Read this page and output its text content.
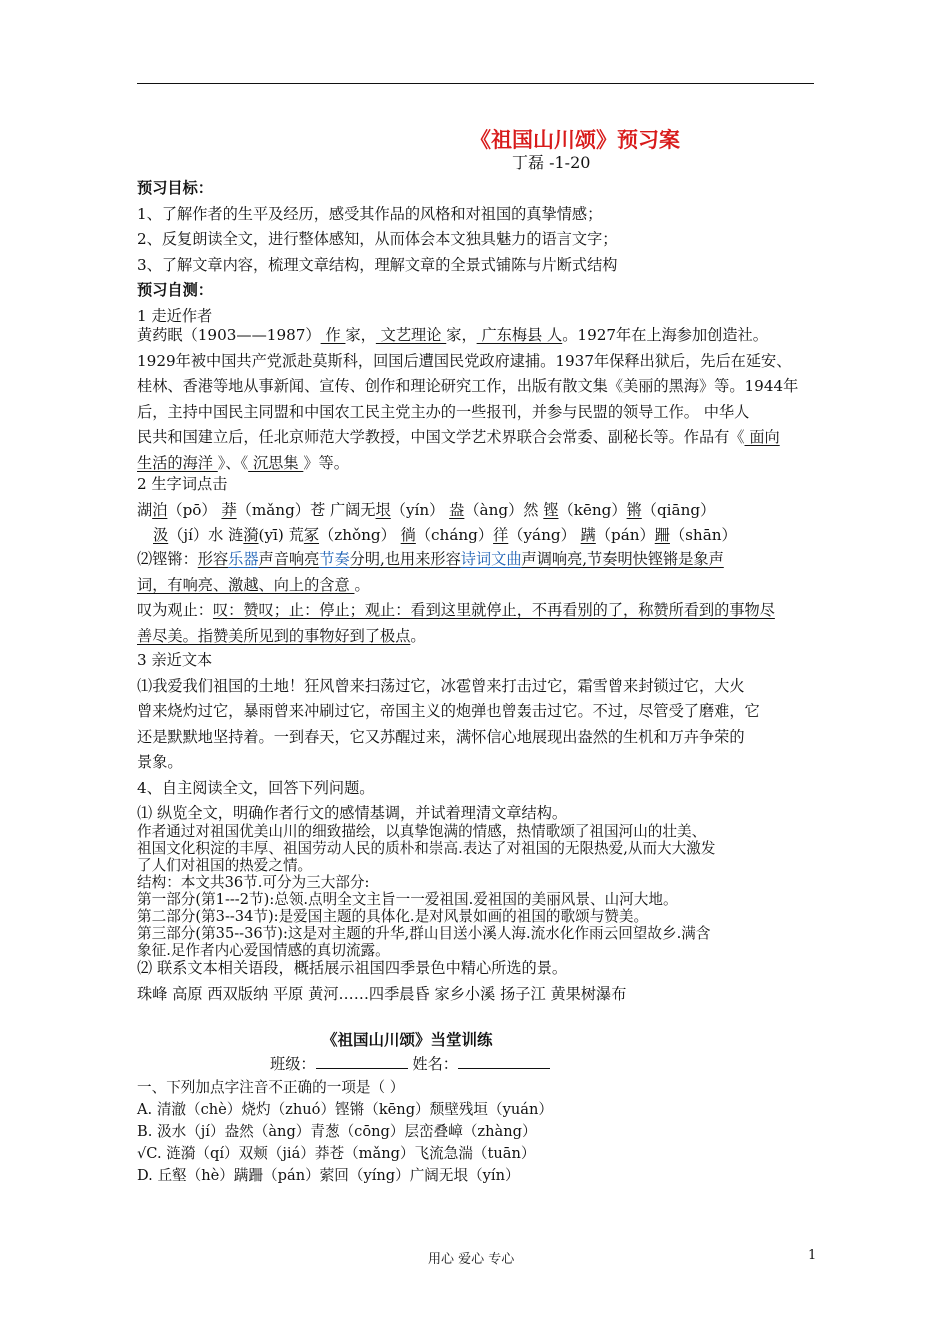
《祖国山川颂》预习案
丁磊 -1-20
预习目标：
1、了解作者的生平及经历，感受其作品的风格和对祖国的真挚情感；
2、反复朗读全文，进行整体感知，从而体会本文独具魅力的语言文字；
3、了解文章内容，梳理文章结构，理解文章的全景式铺陈与片断式结构
预习自测：
1 走近作者
黄药眠（1903——1987） 作 家， 文艺理论 家， 广东梅县 人。1927年在上海参加创造社。
1929年被中国共产党派赴莫斯科，回国后遭国民党政府逮捕。1937年保释出狱后，先后在延安、
桂林、香港等地从事新闻、宣传、创作和理论研究工作，出版有散文集《美丽的黑海》等。1944年
后，主持中国民主同盟和中国农工民主党主办的一些报刊，并参与民盟的领导工作。 中华人
民共和国建立后，任北京师范大学教授，中国文学艺术界联合会常委、副秘长等。作品有《 面向
生活的海洋 》、《 沉思集 》等。
2 生字词点击
湖泊（pō） 莽（mǎng）苍 广阔无垠（yín） 盎（àng）然 铿（kēng）锵（qiāng）
汲（jí）水 涟漪(yī) 荒冢（zhǒng） 徜（cháng）徉（yáng） 蹒（pán）跚（shān）
⑵铿锵：形容乐器声音响亮节奏分明,也用来形容诗词文曲声调响亮,节奏明快铿锵是象声
词，有响亮、激越、向上的含意 。
叹为观止：叹：赞叹；止：停止；观止：看到这里就停止，不再看别的了，称赞所看到的事物尽
善尽美。指赞美所见到的事物好到了极点。
3 亲近文本
⑴我爱我们祖国的土地！狂风曾来扫荡过它，冰雹曾来打击过它，霜雪曾来封锁过它，大火
曾来烧灼过它，暴雨曾来冲刷过它，帝国主义的炮弹也曾轰击过它。不过，尽管受了磨难，它
还是默默地坚持着。一到春天，它又苏醒过来，满怀信心地展现出盎然的生机和万卉争荣的
景象。
4、自主阅读全文，回答下列问题。
⑴ 纵览全文，明确作者行文的感情基调，并试着理清文章结构。
作者通过对祖国优美山川的细致描绘，以真挚饱满的情感，热情歌颂了祖国河山的壮美、
祖国文化积淀的丰厚、祖国劳动人民的质朴和崇高.表达了对祖国的无限热爱,从而大大激发
了人们对祖国的热爱之情。
结构：本文共36节.可分为三大部分:
第一部分(第1---2节):总领.点明全文主旨一一爱祖国.爱祖国的美丽风景、山河大地。
第二部分(第3--34节):是爱国主题的具体化.是对风景如画的祖国的歌颂与赞美。
第三部分(第35--36节):这是对主题的升华,群山目送小溪人海.流水化作雨云回望故乡.满含
象征.足作者内心爱国情感的真切流露。
⑵ 联系文本相关语段，概括展示祖国四季景色中精心所选的景。
珠峰 高原 西双版纳 平原 黄河……四季晨昏 家乡小溪 扬子江 黄果树瀑布
《祖国山川颂》当堂训练
班级：	姓名：
一、下列加点字注音不正确的一项是（ ）
A. 清澈（chè）烧灼（zhuó）铿锵（kēng）颓壁残垣（yuán）
B. 汲水（jí）盎然（àng）青葱（cōng）层峦叠嶂（zhàng）
√C. 涟漪（qí）双颊（jiá）莽苍（mǎng）飞流急湍（tuān）
D. 丘壑（hè）蹒跚（pán）萦回（yíng）广阔无垠（yín）
用心 爱心 专心	1
